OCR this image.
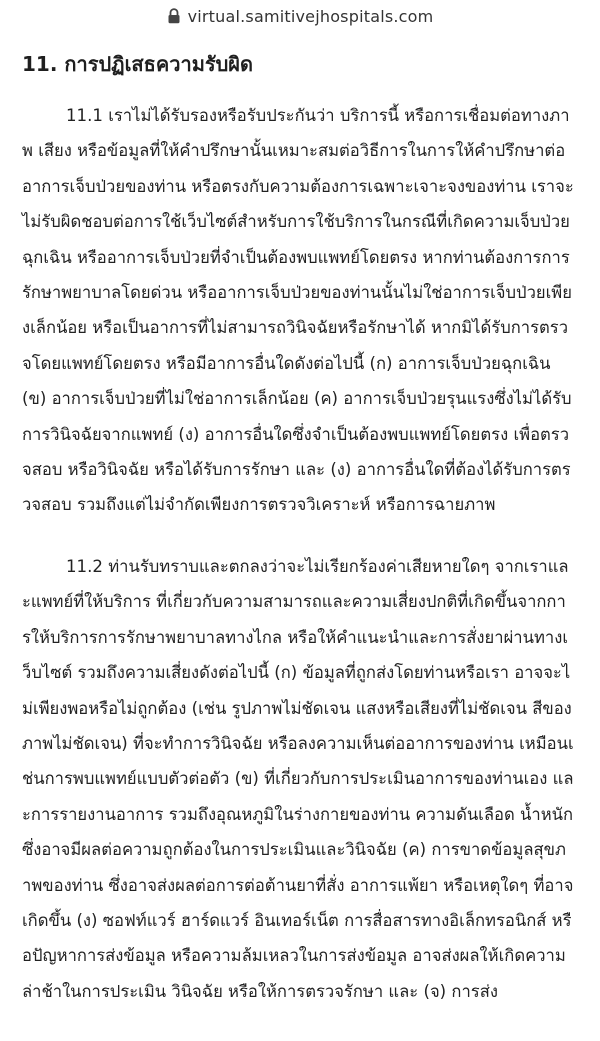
virtual.samitivejhospitals.com
11. การปฏิเสธความรับผิด

11.1 เราไม่ได้รับรองหรือรับประกันว่า บริการนี้ หรือการเชื่อมต่อทางภาพ เสียง หรือข้อมูลที่ให้คำปรึกษานั้นเหมาะสมต่อวิธีการในการให้คำปรึกษาต่ออาการเจ็บป่วยของท่าน หรือตรงกับความต้องการเฉพาะเจาะจงของท่าน เราจะไม่รับผิดชอบต่อการใช้เว็บไซต์สำหรับการใช้บริการในกรณีที่เกิดความเจ็บป่วยฉุกเฉิน หรืออาการเจ็บป่วยที่จำเป็นต้องพบแพทย์โดยตรง หากท่านต้องการการรักษาพยาบาลโดยด่วน หรืออาการเจ็บป่วยของท่านนั้นไม่ใช่อาการเจ็บป่วยเพียงเล็กน้อย หรือเป็นอาการที่ไม่สามารถวินิจฉัยหรือรักษาได้ หากมิได้รับการตรวจโดยแพทย์โดยตรง หรือมีอาการอื่นใดดังต่อไปนี้ (ก) อาการเจ็บป่วยฉุกเฉิน (ข) อาการเจ็บป่วยที่ไม่ใช่อาการเล็กน้อย (ค) อาการเจ็บป่วยรุนแรงซึ่งไม่ได้รับการวินิจฉัยจากแพทย์ (ง) อาการอื่นใดซึ่งจำเป็นต้องพบแพทย์โดยตรง เพื่อตรวจสอบ หรือวินิจฉัย หรือได้รับการรักษา และ (ง) อาการอื่นใดที่ต้องได้รับการตรวจสอบ รวมถึงแต่ไม่จำกัดเพียงการตรวจวิเคราะห์ หรือการฉายภาพ

11.2 ท่านรับทราบและตกลงว่าจะไม่เรียกร้องค่าเสียหายใดๆ จากเราและแพทย์ที่ให้บริการ ที่เกี่ยวกับความสามารถและความเสี่ยงปกติที่เกิดขึ้นจากการให้บริการการรักษาพยาบาลทางไกล หรือให้คำแนะนำและการสั่งยาผ่านทางเว็บไซต์ รวมถึงความเสี่ยงดังต่อไปนี้ (ก) ข้อมูลที่ถูกส่งโดยท่านหรือเรา อาจจะไม่เพียงพอหรือไม่ถูกต้อง (เช่น รูปภาพไม่ชัดเจน แสงหรือเสียงที่ไม่ชัดเจน สีของภาพไม่ชัดเจน) ที่จะทำการวินิจฉัย หรือลงความเห็นต่ออาการของท่าน เหมือนเช่นการพบแพทย์แบบตัวต่อตัว (ข) ที่เกี่ยวกับการประเมินอาการของท่านเอง และการรายงานอาการ รวมถึงอุณหภูมิในร่างกายของท่าน ความดันเลือด น้ำหนัก ซึ่งอาจมีผลต่อความถูกต้องในการประเมินและวินิจฉัย (ค) การขาดข้อมูลสุขภาพของท่าน ซึ่งอาจส่งผลต่อการต่อต้านยาที่สั่ง อาการแพ้ยา หรือเหตุใดๆ ที่อาจเกิดขึ้น (ง) ซอฟท์แวร์ ฮาร์ดแวร์ อินเทอร์เน็ต การสื่อสารทางอิเล็กทรอนิกส์ หรือปัญหาการส่งข้อมูล หรือความล้มเหลวในการส่งข้อมูล อาจส่งผลให้เกิดความล่าช้าในการประเมิน วินิจฉัย หรือให้การตรวจรักษา และ (จ) การส่ง
